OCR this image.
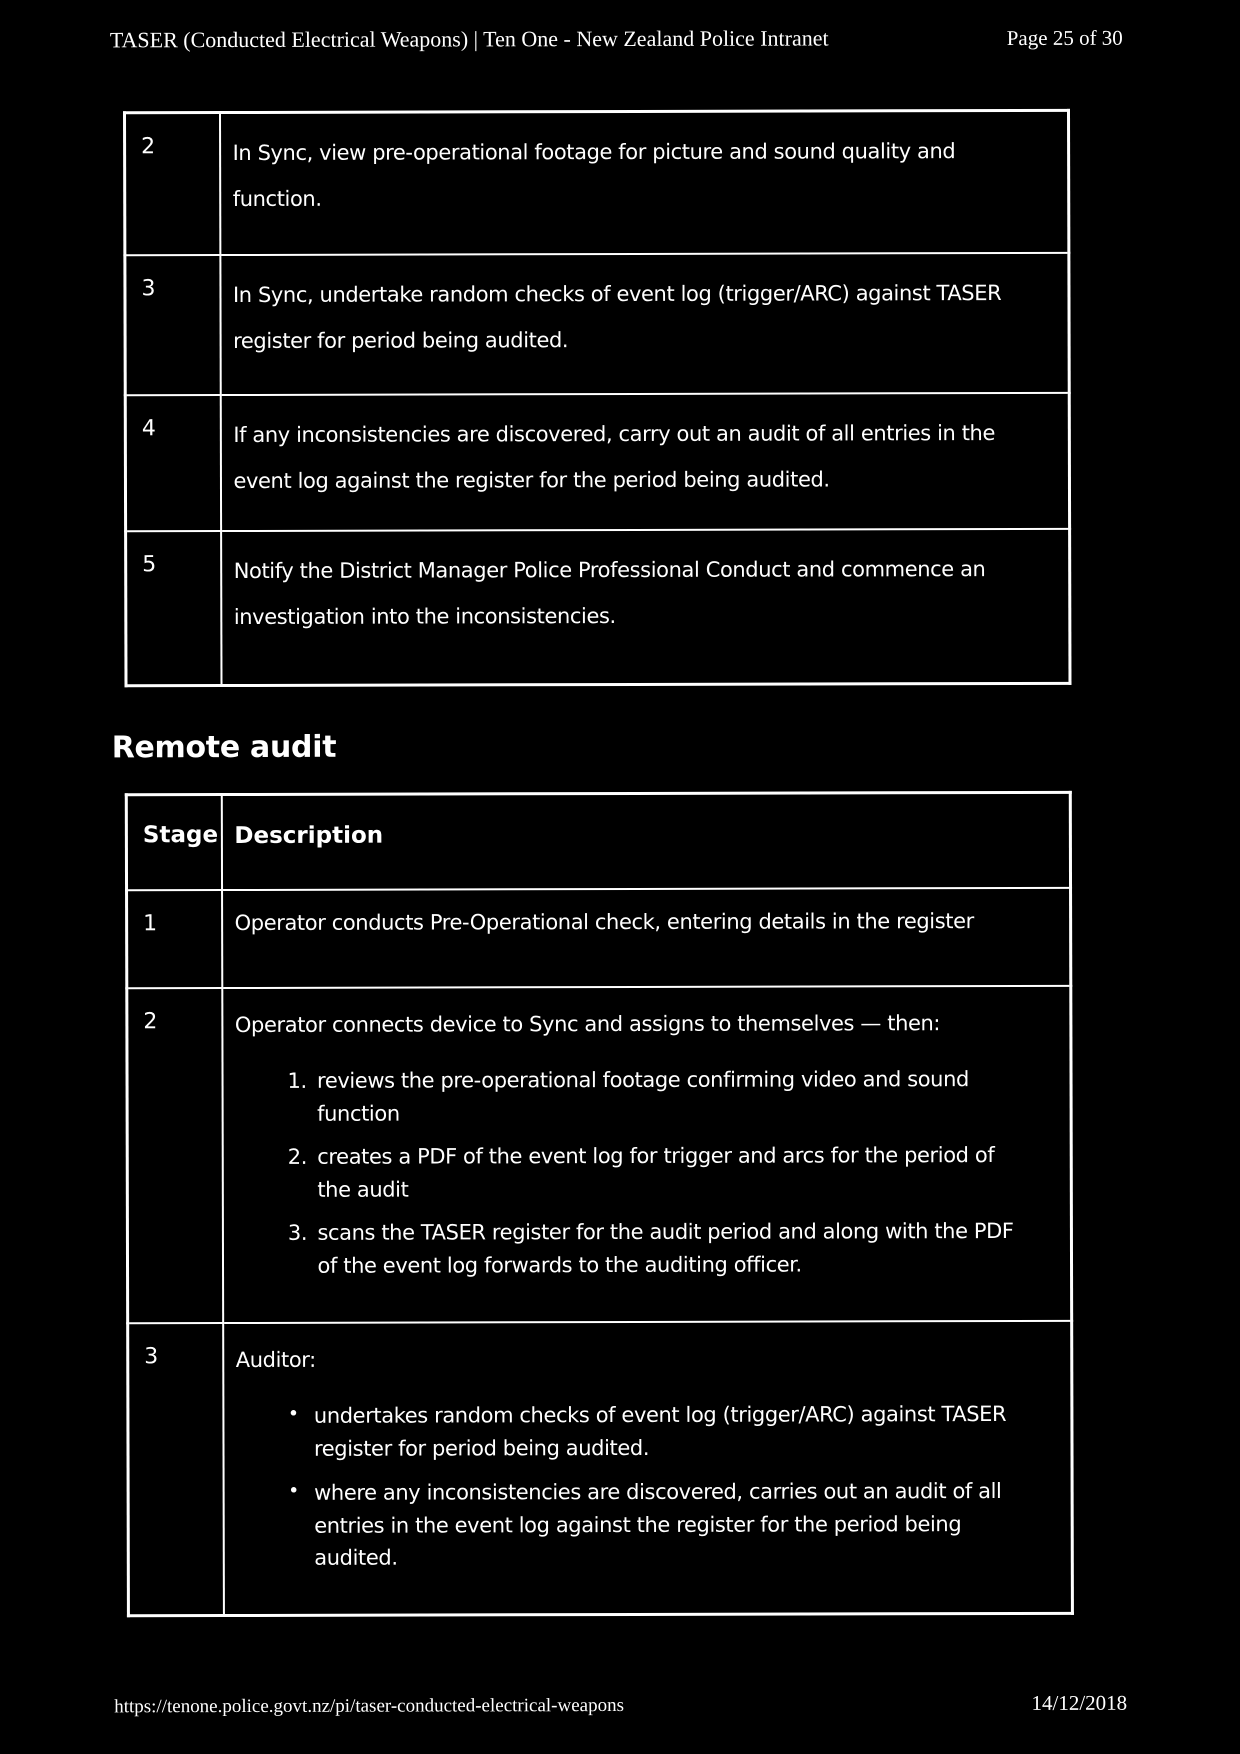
TASER (Conducted Electrical Weapons) | Ten One - New Zealand Police Intranet	Page 25 of 30
2	In Sync, view pre-operational footage for picture and sound quality and function.
3	In Sync, undertake random checks of event log (trigger/ARC) against TASER register for period being audited.
4	If any inconsistencies are discovered, carry out an audit of all entries in the event log against the register for the period being audited.
5	Notify the District Manager Police Professional Conduct and commence an investigation into the inconsistencies.
Remote audit
Stage	Description
1	Operator conducts Pre-Operational check, entering details in the register
2	Operator connects device to Sync and assigns to themselves — then:

1. reviews the pre-operational footage confirming video and sound function
2. creates a PDF of the event log for trigger and arcs for the period of the audit
3. scans the TASER register for the audit period and along with the PDF of the event log forwards to the auditing officer.

3	Auditor:

• undertakes random checks of event log (trigger/ARC) against TASER register for period being audited.
• where any inconsistencies are discovered, carries out an audit of all entries in the event log against the register for the period being audited.
https://tenone.police.govt.nz/pi/taser-conducted-electrical-weapons	14/12/2018
